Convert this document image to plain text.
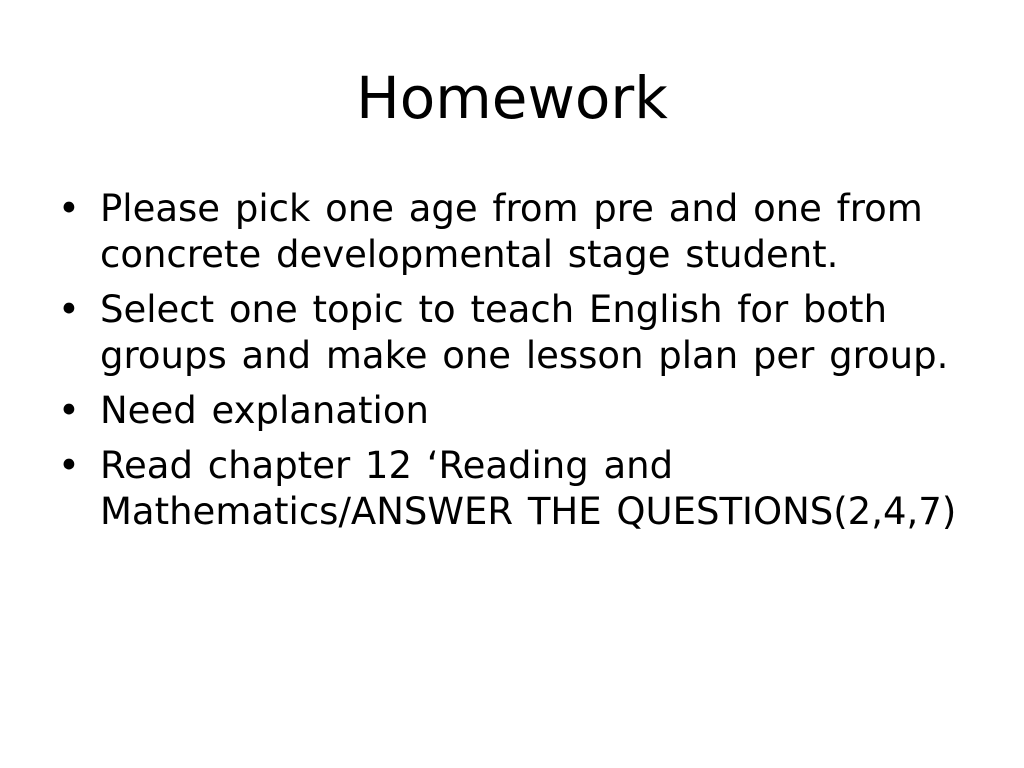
Homework
• Please pick one age from pre and one from concrete developmental stage student.
• Select one topic to teach English for both groups and make one lesson plan per group.
• Need explanation
• Read chapter 12 ‘Reading and Mathematics/ANSWER THE QUESTIONS(2,4,7)
